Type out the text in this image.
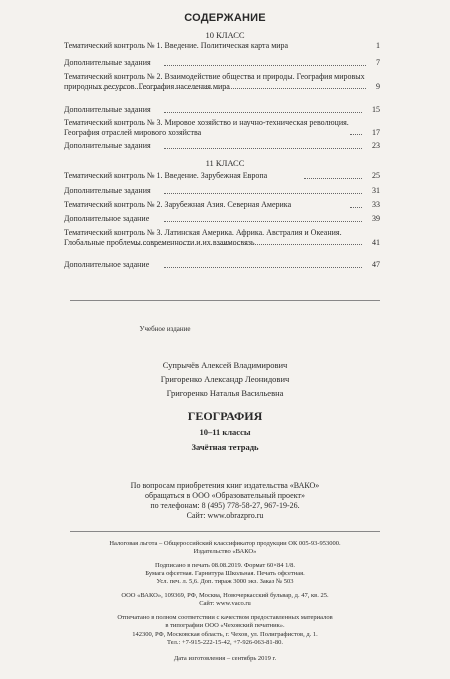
СОДЕРЖАНИЕ
10 КЛАСС
Тематический контроль № 1. Введение. Политическая карта мира	1
Дополнительные задания	7
Тематический контроль № 2. Взаимодействие общества и природы. География мировых природных ресурсов. География населения мира	9
Дополнительные задания	15
Тематический контроль № 3. Мировое хозяйство и научно-техническая революция. География отраслей мирового хозяйства	17
Дополнительные задания	23
11 КЛАСС
Тематический контроль № 1. Введение. Зарубежная Европа	25
Дополнительные задания	31
Тематический контроль № 2. Зарубежная Азия. Северная Америка	33
Дополнительное задание	39
Тематический контроль № 3. Латинская Америка. Африка. Австралия и Океания. Глобальные проблемы современности и их взаимосвязь	41
Дополнительное задание	47
Учебное издание
Супрычёв Алексей Владимирович
Григоренко Александр Леонидович
Григоренко Наталья Васильевна
ГЕОГРАФИЯ
10–11 классы
Зачётная тетрадь
По вопросам приобретения книг издательства «ВАКО»
обращаться в ООО «Образовательный проект»
по телефонам: 8 (495) 778-58-27, 967-19-26.
Сайт: www.obrazpro.ru
Налоговая льгота – Общероссийский классификатор продукции ОК 005-93-953000.
Издательство «ВАКО»
Подписано в печать 08.08.2019. Формат 60×84 1/8.
Бумага офсетная. Гарнитура Школьная. Печать офсетная.
Усл. печ. л. 5,6. Доп. тираж 3000 экз. Заказ № 503
ООО «ВАКО», 109369, РФ, Москва, Новочеркасский бульвар, д. 47, кв. 25.
Сайт: www.vaco.ru
Отпечатано в полном соответствии с качеством предоставленных материалов
в типографии ООО «Чеховский печатник».
142300, РФ, Московская область, г. Чехов, ул. Полиграфистов, д. 1.
Тел.: +7-915-222-15-42, +7-926-063-81-80.
Дата изготовления – сентябрь 2019 г.
